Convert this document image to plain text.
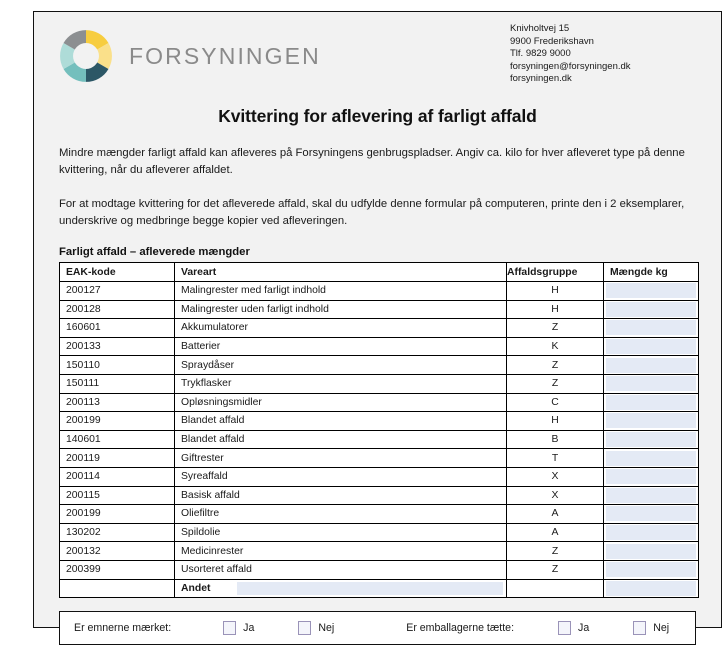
FORSYNINGEN
Knivholtvej 15
9900 Frederikshavn
Tlf. 9829 9000
forsyningen@forsyningen.dk
forsyningen.dk
Kvittering for aflevering af farligt affald

Mindre mængder farligt affald kan afleveres på Forsyningens genbrugspladser. Angiv ca. kilo for hver afleveret type på denne kvittering, når du afleverer affaldet.

For at modtage kvittering for det afleverede affald, skal du udfylde denne formular på computeren, printe den i 2 eksemplarer, underskrive og medbringe begge kopier ved afleveringen.

Farligt affald – afleverede mængder
EAK-kode	Vareart	Affaldsgruppe	Mængde kg
200127	Malingrester med farligt indhold	H	

200128	Malingrester uden farligt indhold	H	

160601	Akkumulatorer	Z	

200133	Batterier	K	

150110	Spraydåser	Z	

150111	Trykflasker	Z	

200113	Opløsningsmidler	C	

200199	Blandet affald	H	

140601	Blandet affald	B	

200119	Giftrester	T	

200114	Syreaffald	X	

200115	Basisk affald	X	

200199	Oliefiltre	A	

130202	Spildolie	A	

200132	Medicinrester	Z	

200399	Usorteret affald	Z	

Andet		
Er emnerne mærket:	Ja	Nej	Er emballagerne tætte:	Ja	Nej
